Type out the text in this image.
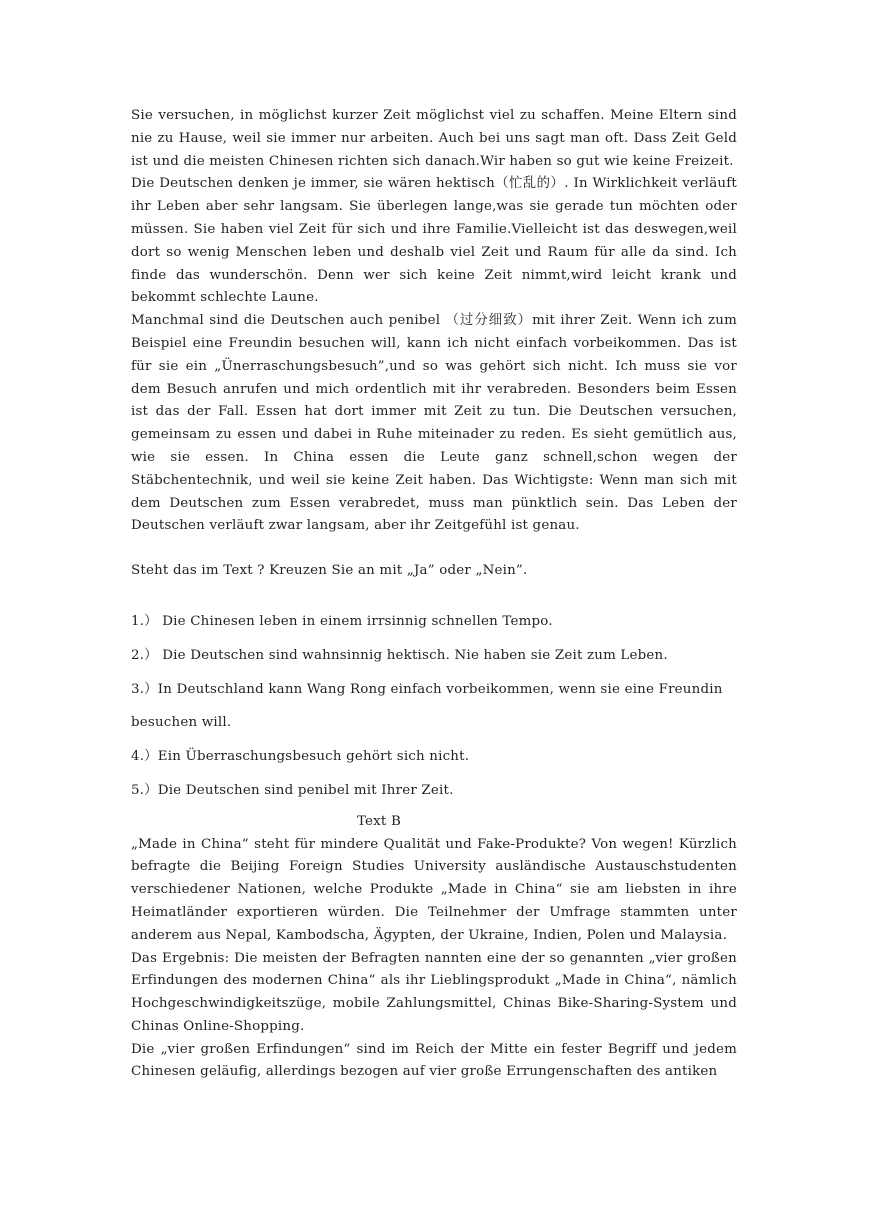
Sie versuchen, in möglichst kurzer Zeit möglichst viel zu schaffen. Meine Eltern sind nie zu Hause, weil sie immer nur arbeiten. Auch bei uns sagt man oft. Dass Zeit Geld ist und die meisten Chinesen richten sich danach.Wir haben so gut wie keine Freizeit.

Die Deutschen denken je immer, sie wären hektisch（忙乱的）. In Wirklichkeit verläuft ihr Leben aber sehr langsam. Sie überlegen lange,was sie gerade tun möchten oder müssen. Sie haben viel Zeit für sich und ihre Familie.Vielleicht ist das deswegen,weil dort so wenig Menschen leben und deshalb viel Zeit und Raum für alle da sind. Ich finde das wunderschön. Denn wer sich keine Zeit nimmt,wird leicht krank und bekommt schlechte Laune.

Manchmal sind die Deutschen auch penibel （过分细致）mit ihrer Zeit. Wenn ich zum Beispiel eine Freundin besuchen will, kann ich nicht einfach vorbeikommen. Das ist für sie ein „Ünerraschungsbesuch”,und so was gehört sich nicht. Ich muss sie vor dem Besuch anrufen und mich ordentlich mit ihr verabreden. Besonders beim Essen ist das der Fall. Essen hat dort immer mit Zeit zu tun. Die Deutschen versuchen, gemeinsam zu essen und dabei in Ruhe miteinader zu reden. Es sieht gemütlich aus, wie sie essen. In China essen die Leute ganz schnell,schon wegen der Stäbchentechnik, und weil sie keine Zeit haben. Das Wichtigste: Wenn man sich mit dem Deutschen zum Essen verabredet, muss man pünktlich sein. Das Leben der Deutschen verläuft zwar langsam, aber ihr Zeitgefühl ist genau.

Steht das im Text ? Kreuzen Sie an mit „Ja” oder „Nein”.

1.） Die Chinesen leben in einem irrsinnig schnellen Tempo.

2.） Die Deutschen sind wahnsinnig hektisch. Nie haben sie Zeit zum Leben.

3.）In Deutschland kann Wang Rong einfach vorbeikommen, wenn sie eine Freundin

besuchen will.

4.）Ein Überraschungsbesuch gehört sich nicht.

5.）Die Deutschen sind penibel mit Ihrer Zeit.

Text B

„Made in China“ steht für mindere Qualität und Fake-Produkte? Von wegen! Kürzlich befragte die Beijing Foreign Studies University ausländische Austauschstudenten verschiedener Nationen, welche Produkte „Made in China“ sie am liebsten in ihre Heimatländer exportieren würden. Die Teilnehmer der Umfrage stammten unter anderem aus Nepal, Kambodscha, Ägypten, der Ukraine, Indien, Polen und Malaysia.

Das Ergebnis: Die meisten der Befragten nannten eine der so genannten „vier großen Erfindungen des modernen China“ als ihr Lieblingsprodukt „Made in China“, nämlich Hochgeschwindigkeitszüge, mobile Zahlungsmittel, Chinas Bike-Sharing-System und Chinas Online-Shopping.

Die „vier großen Erfindungen“ sind im Reich der Mitte ein fester Begriff und jedem Chinesen geläufig, allerdings bezogen auf vier große Errungenschaften des antiken
